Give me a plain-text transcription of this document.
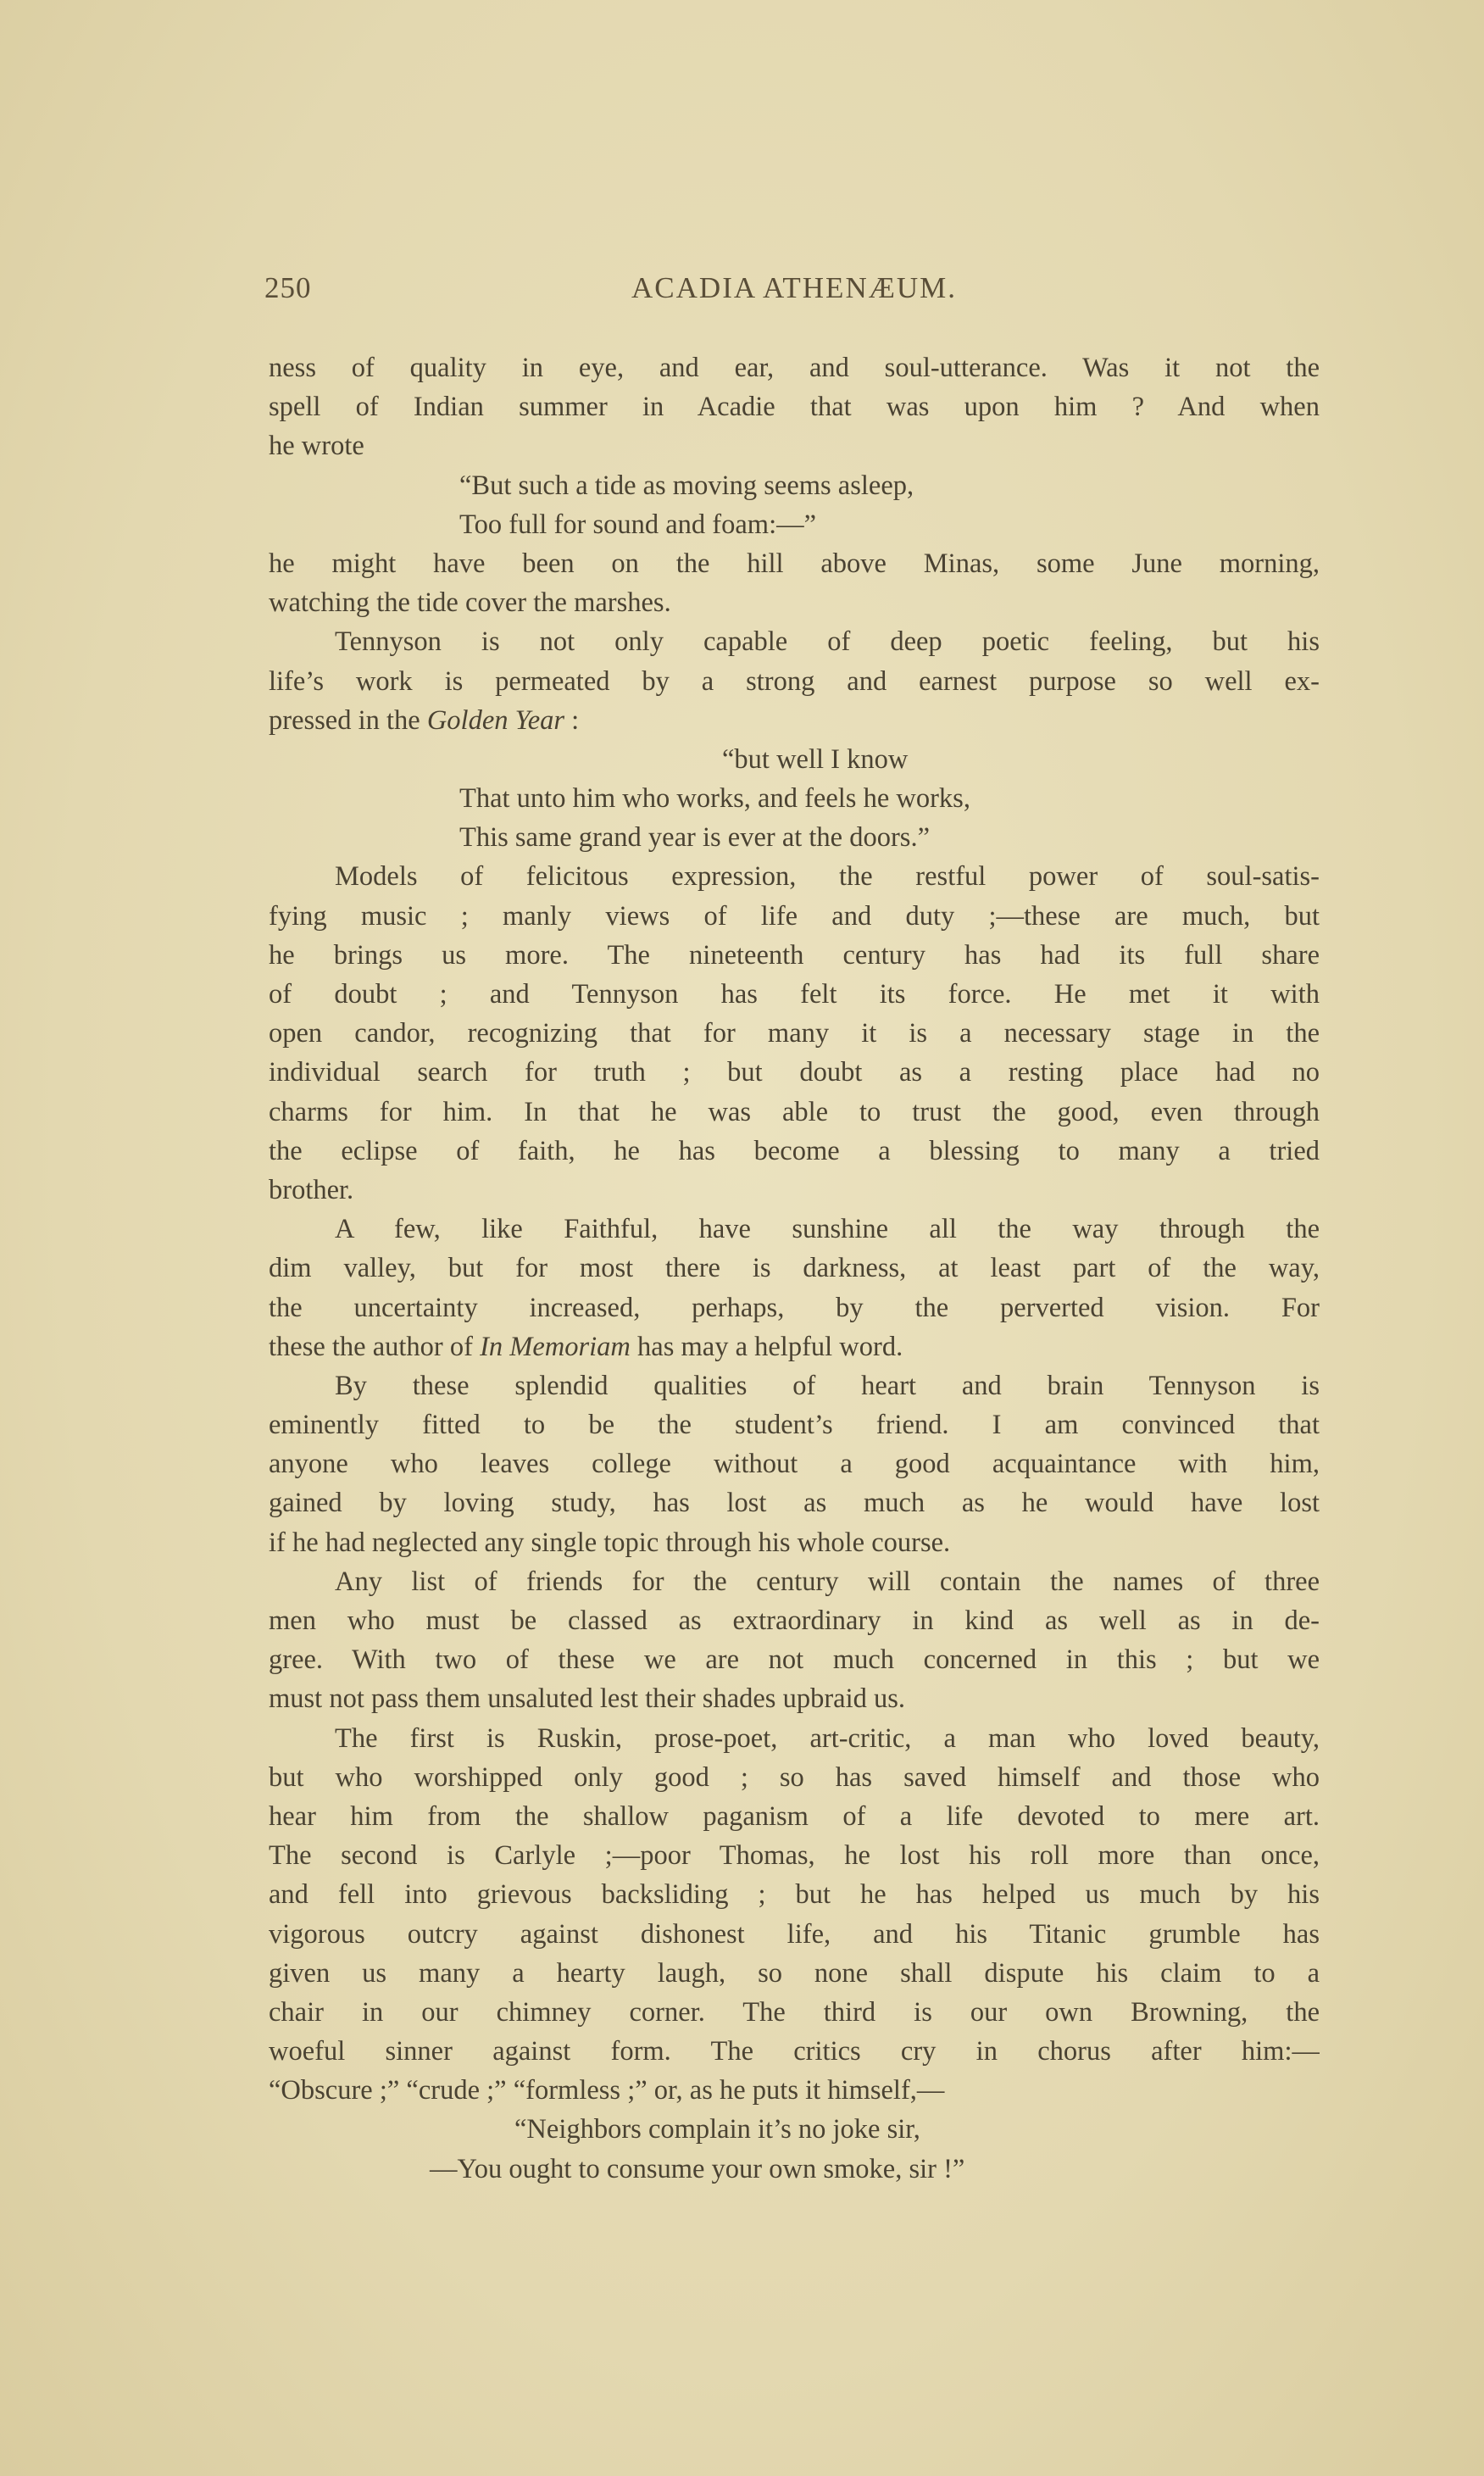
250	ACADIA ATHENÆUM.
ness of quality in eye, and ear, and soul-utterance. Was it not the
spell of Indian summer in Acadie that was upon him ? And when
he wrote
“But such a tide as moving seems asleep,
Too full for sound and foam:—”
he might have been on the hill above Minas, some June morning,
watching the tide cover the marshes.
Tennyson is not only capable of deep poetic feeling, but his
life’s work is permeated by a strong and earnest purpose so well ex-
pressed in the Golden Year :
“but well I know
That unto him who works, and feels he works,
This same grand year is ever at the doors.”
Models of felicitous expression, the restful power of soul-satis-
fying music ; manly views of life and duty ;—these are much, but
he brings us more. The nineteenth century has had its full share
of doubt ; and Tennyson has felt its force. He met it with
open candor, recognizing that for many it is a necessary stage in the
individual search for truth ; but doubt as a resting place had no
charms for him. In that he was able to trust the good, even through
the eclipse of faith, he has become a blessing to many a tried
brother.
A few, like Faithful, have sunshine all the way through the
dim valley, but for most there is darkness, at least part of the way,
the uncertainty increased, perhaps, by the perverted vision. For
these the author of In Memoriam has may a helpful word.
By these splendid qualities of heart and brain Tennyson is
eminently fitted to be the student’s friend. I am convinced that
anyone who leaves college without a good acquaintance with him,
gained by loving study, has lost as much as he would have lost
if he had neglected any single topic through his whole course.
Any list of friends for the century will contain the names of three
men who must be classed as extraordinary in kind as well as in de-
gree. With two of these we are not much concerned in this ; but we
must not pass them unsaluted lest their shades upbraid us.
The first is Ruskin, prose-poet, art-critic, a man who loved beauty,
but who worshipped only good ; so has saved himself and those who
hear him from the shallow paganism of a life devoted to mere art.
The second is Carlyle ;—poor Thomas, he lost his roll more than once,
and fell into grievous backsliding ; but he has helped us much by his
vigorous outcry against dishonest life, and his Titanic grumble has
given us many a hearty laugh, so none shall dispute his claim to a
chair in our chimney corner. The third is our own Browning, the
woeful sinner against form. The critics cry in chorus after him:—
“Obscure ;” “crude ;” “formless ;” or, as he puts it himself,—
“Neighbors complain it’s no joke sir,
—You ought to consume your own smoke, sir !”
